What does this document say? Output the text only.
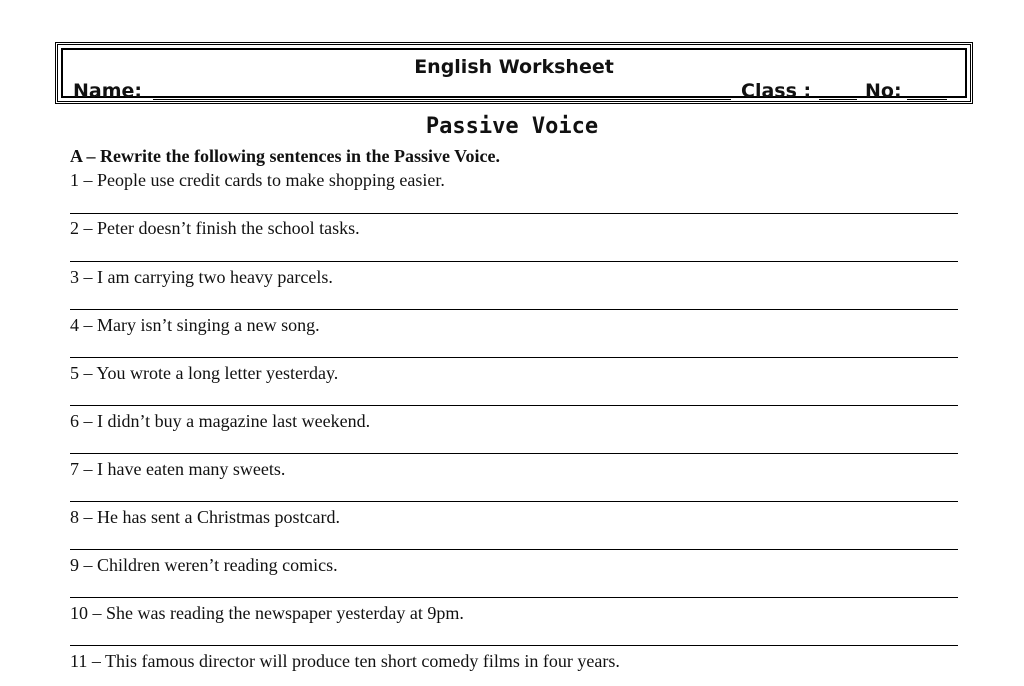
English Worksheet
Name:	Class :	No:
Passive Voice
A – Rewrite the following sentences in the Passive Voice.
1 – People use credit cards to make shopping easier.
2 – Peter doesn’t finish the school tasks.
3 – I am carrying two heavy parcels.
4 – Mary isn’t singing a new song.
5 – You wrote a long letter yesterday.
6 – I didn’t buy a magazine last weekend.
7 – I have eaten many sweets.
8 – He has sent a Christmas postcard.
9 – Children weren’t reading comics.
10 – She was reading the newspaper yesterday at 9pm.
11 – This famous director will produce ten short comedy films in four years.
